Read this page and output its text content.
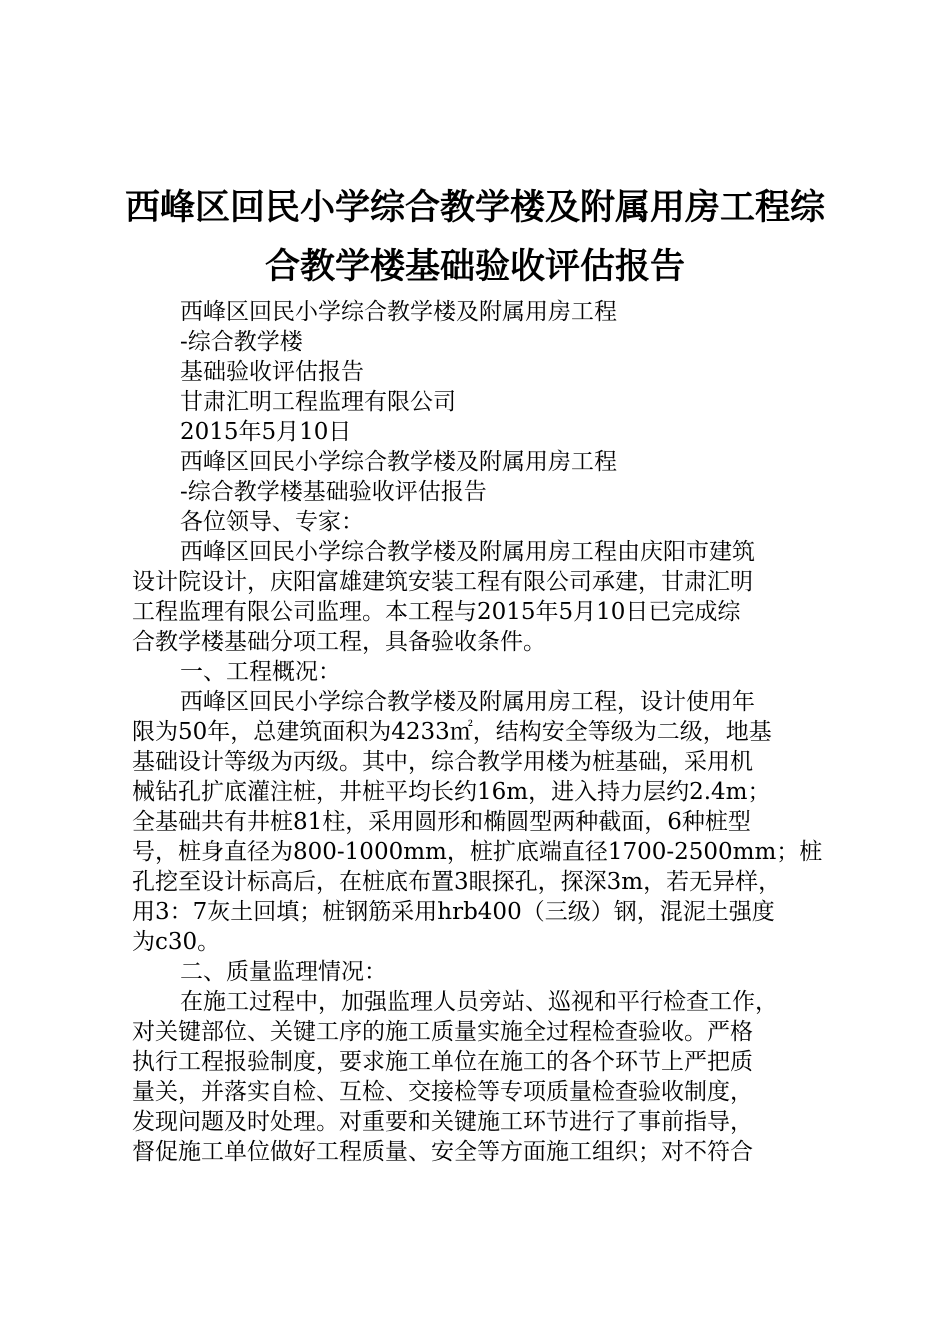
西峰区回民小学综合教学楼及附属用房工程综
合教学楼基础验收评估报告
西峰区回民小学综合教学楼及附属用房工程
-综合教学楼
基础验收评估报告
甘肃汇明工程监理有限公司
2015年5月10日
西峰区回民小学综合教学楼及附属用房工程
-综合教学楼基础验收评估报告
各位领导、专家：

西峰区回民小学综合教学楼及附属用房工程由庆阳市建筑

设计院设计，庆阳富雄建筑安装工程有限公司承建，甘肃汇明

工程监理有限公司监理。本工程与2015年5月10日已完成综

合教学楼基础分项工程，具备验收条件。

一、工程概况：

西峰区回民小学综合教学楼及附属用房工程，设计使用年

限为50年，总建筑面积为4233㎡，结构安全等级为二级，地基

基础设计等级为丙级。其中，综合教学用楼为桩基础，采用机

械钻孔扩底灌注桩，井桩平均长约16m，进入持力层约2.4m；

全基础共有井桩81柱，采用圆形和椭圆型两种截面，6种桩型

号，桩身直径为800-1000mm，桩扩底端直径1700-2500mm；桩

孔挖至设计标高后，在桩底布置3眼探孔，探深3m，若无异样，

用3：7灰土回填；桩钢筋采用hrb400（三级）钢，混泥土强度

为c30。

二、质量监理情况：

在施工过程中，加强监理人员旁站、巡视和平行检查工作，

对关键部位、关键工序的施工质量实施全过程检查验收。严格

执行工程报验制度，要求施工单位在施工的各个环节上严把质

量关，并落实自检、互检、交接检等专项质量检查验收制度，

发现问题及时处理。对重要和关键施工环节进行了事前指导，

督促施工单位做好工程质量、安全等方面施工组织；对不符合
